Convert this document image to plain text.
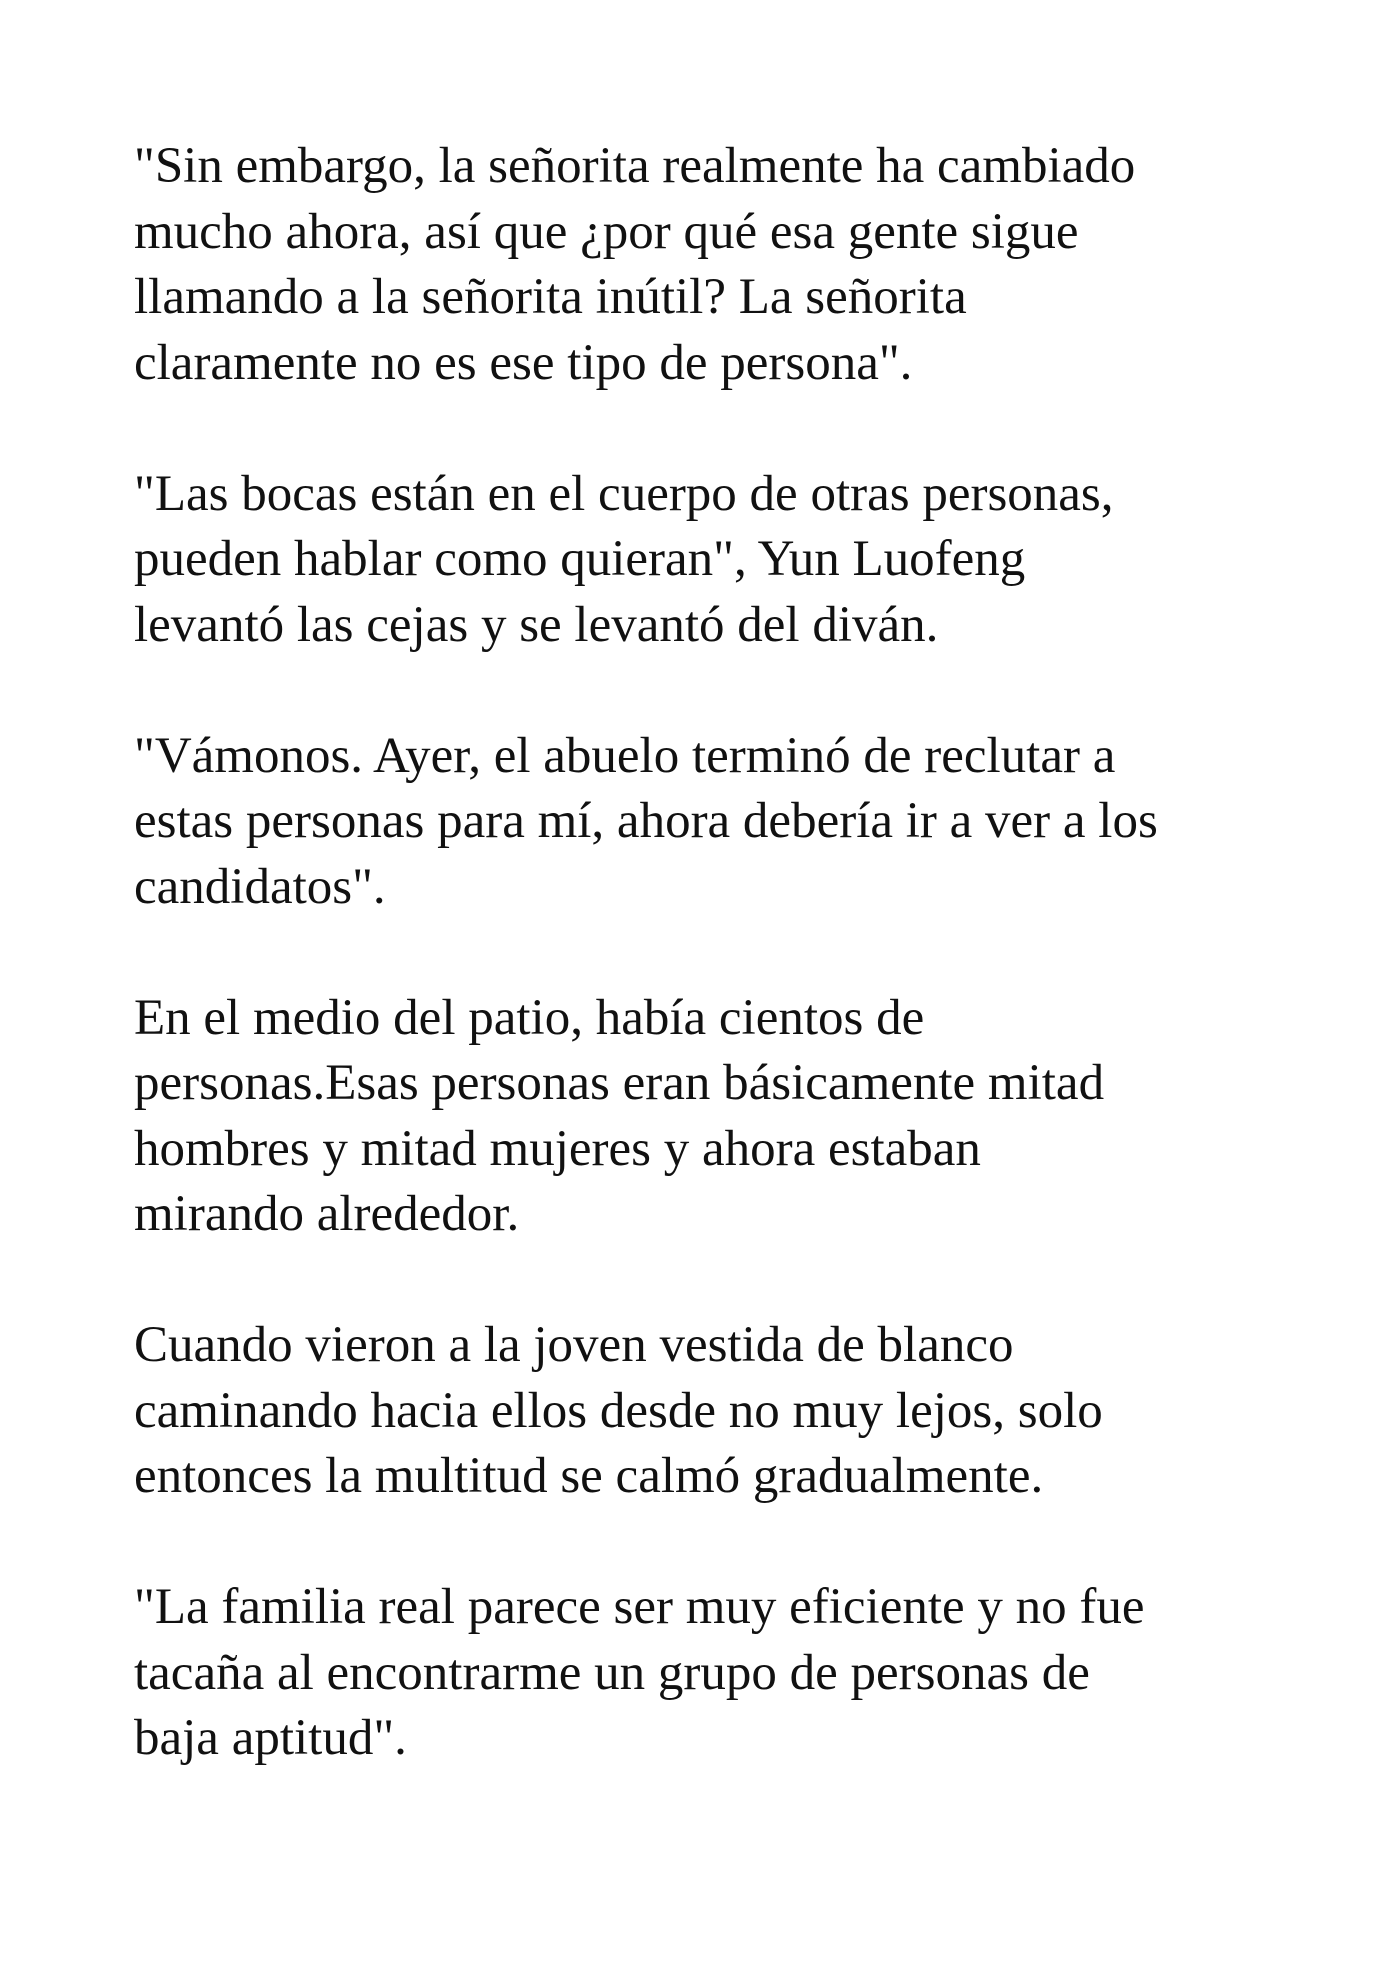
"Sin embargo, la señorita realmente ha cambiado
mucho ahora, así que ¿por qué esa gente sigue
llamando a la señorita inútil? La señorita
claramente no es ese tipo de persona".

"Las bocas están en el cuerpo de otras personas,
pueden hablar como quieran", Yun Luofeng
levantó las cejas y se levantó del diván.

"Vámonos. Ayer, el abuelo terminó de reclutar a
estas personas para mí, ahora debería ir a ver a los
candidatos".

En el medio del patio, había cientos de
personas.Esas personas eran básicamente mitad
hombres y mitad mujeres y ahora estaban
mirando alrededor.

Cuando vieron a la joven vestida de blanco
caminando hacia ellos desde no muy lejos, solo
entonces la multitud se calmó gradualmente.

"La familia real parece ser muy eficiente y no fue
tacaña al encontrarme un grupo de personas de
baja aptitud".
